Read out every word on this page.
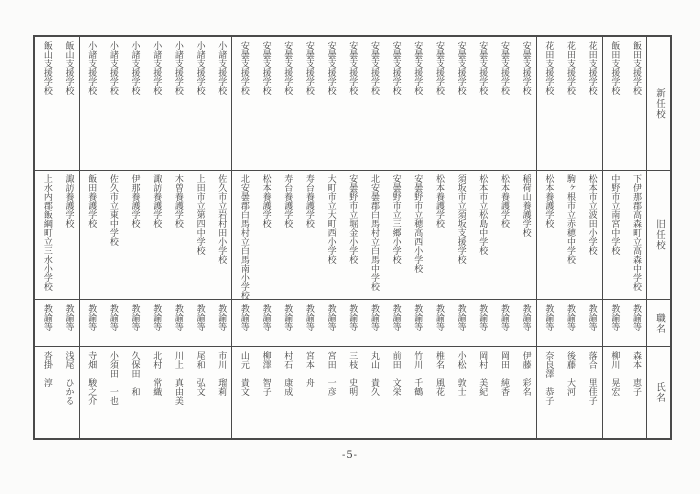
新任校
旧任校
職名
氏名
飯田支援学校
下伊那郡高森町立高森中学校
教諭等
森本　恵子
飯田支援学校
中野市立南宮中学校
教諭等
柳川　晃宏
花田支援学校
松本市立波田小学校
教諭等
落合　里佳子
花田支援学校
駒ヶ根市立赤穂中学校
教諭等
後藤　大河
花田支援学校
松本養護学校
教諭等
奈良澤　恭子
安曇支援学校
稲荷山養護学校
教諭等
伊藤　彩名
安曇支援学校
松本養護学校
教諭等
岡田　純香
安曇支援学校
松本市立松島中学校
教諭等
岡村　美紀
安曇支援学校
須坂市立須坂支援学校
教諭等
小松　敦士
安曇支援学校
松本養護学校
教諭等
椎名　風花
安曇支援学校
安曇野市立穂高西小学校
教諭等
竹川　千鶴
安曇支援学校
安曇野市立三郷小学校
教諭等
前田　文栄
安曇支援学校
北安曇郡白馬村立白馬中学校
教諭等
丸山　貴久
安曇支援学校
安曇野市立堀金小学校
教諭等
三枝　史明
安曇支援学校
大町市立大町西小学校
教諭等
宮田　一彦
安曇支援学校
寿台養護学校
教諭等
宮本　舟
安曇支援学校
寿台養護学校
教諭等
村石　康成
安曇支援学校
松本養護学校
教諭等
柳澤　智子
安曇支援学校
北安曇郡白馬村立白馬南小学校
教諭等
山元　貴文
小諸支援学校
佐久市立岩村田小学校
教諭等
市川　瑠莉
小諸支援学校
上田市立第四中学校
教諭等
尾和　弘文
小諸支援学校
木曽養護学校
教諭等
川上　真由美
小諸支援学校
諏訪養護学校
教諭等
北村　常織
小諸支援学校
伊那養護学校
教諭等
久保田　和
小諸支援学校
佐久市立東中学校
教諭等
小須田　一也
小諸支援学校
飯田養護学校
教諭等
寺畑　駿之介
飯山支援学校
諏訪養護学校
教諭等
浅尾　ひかる
飯山支援学校
上水内郡飯綱町立三水小学校
教諭等
沓掛　淳
-5-
